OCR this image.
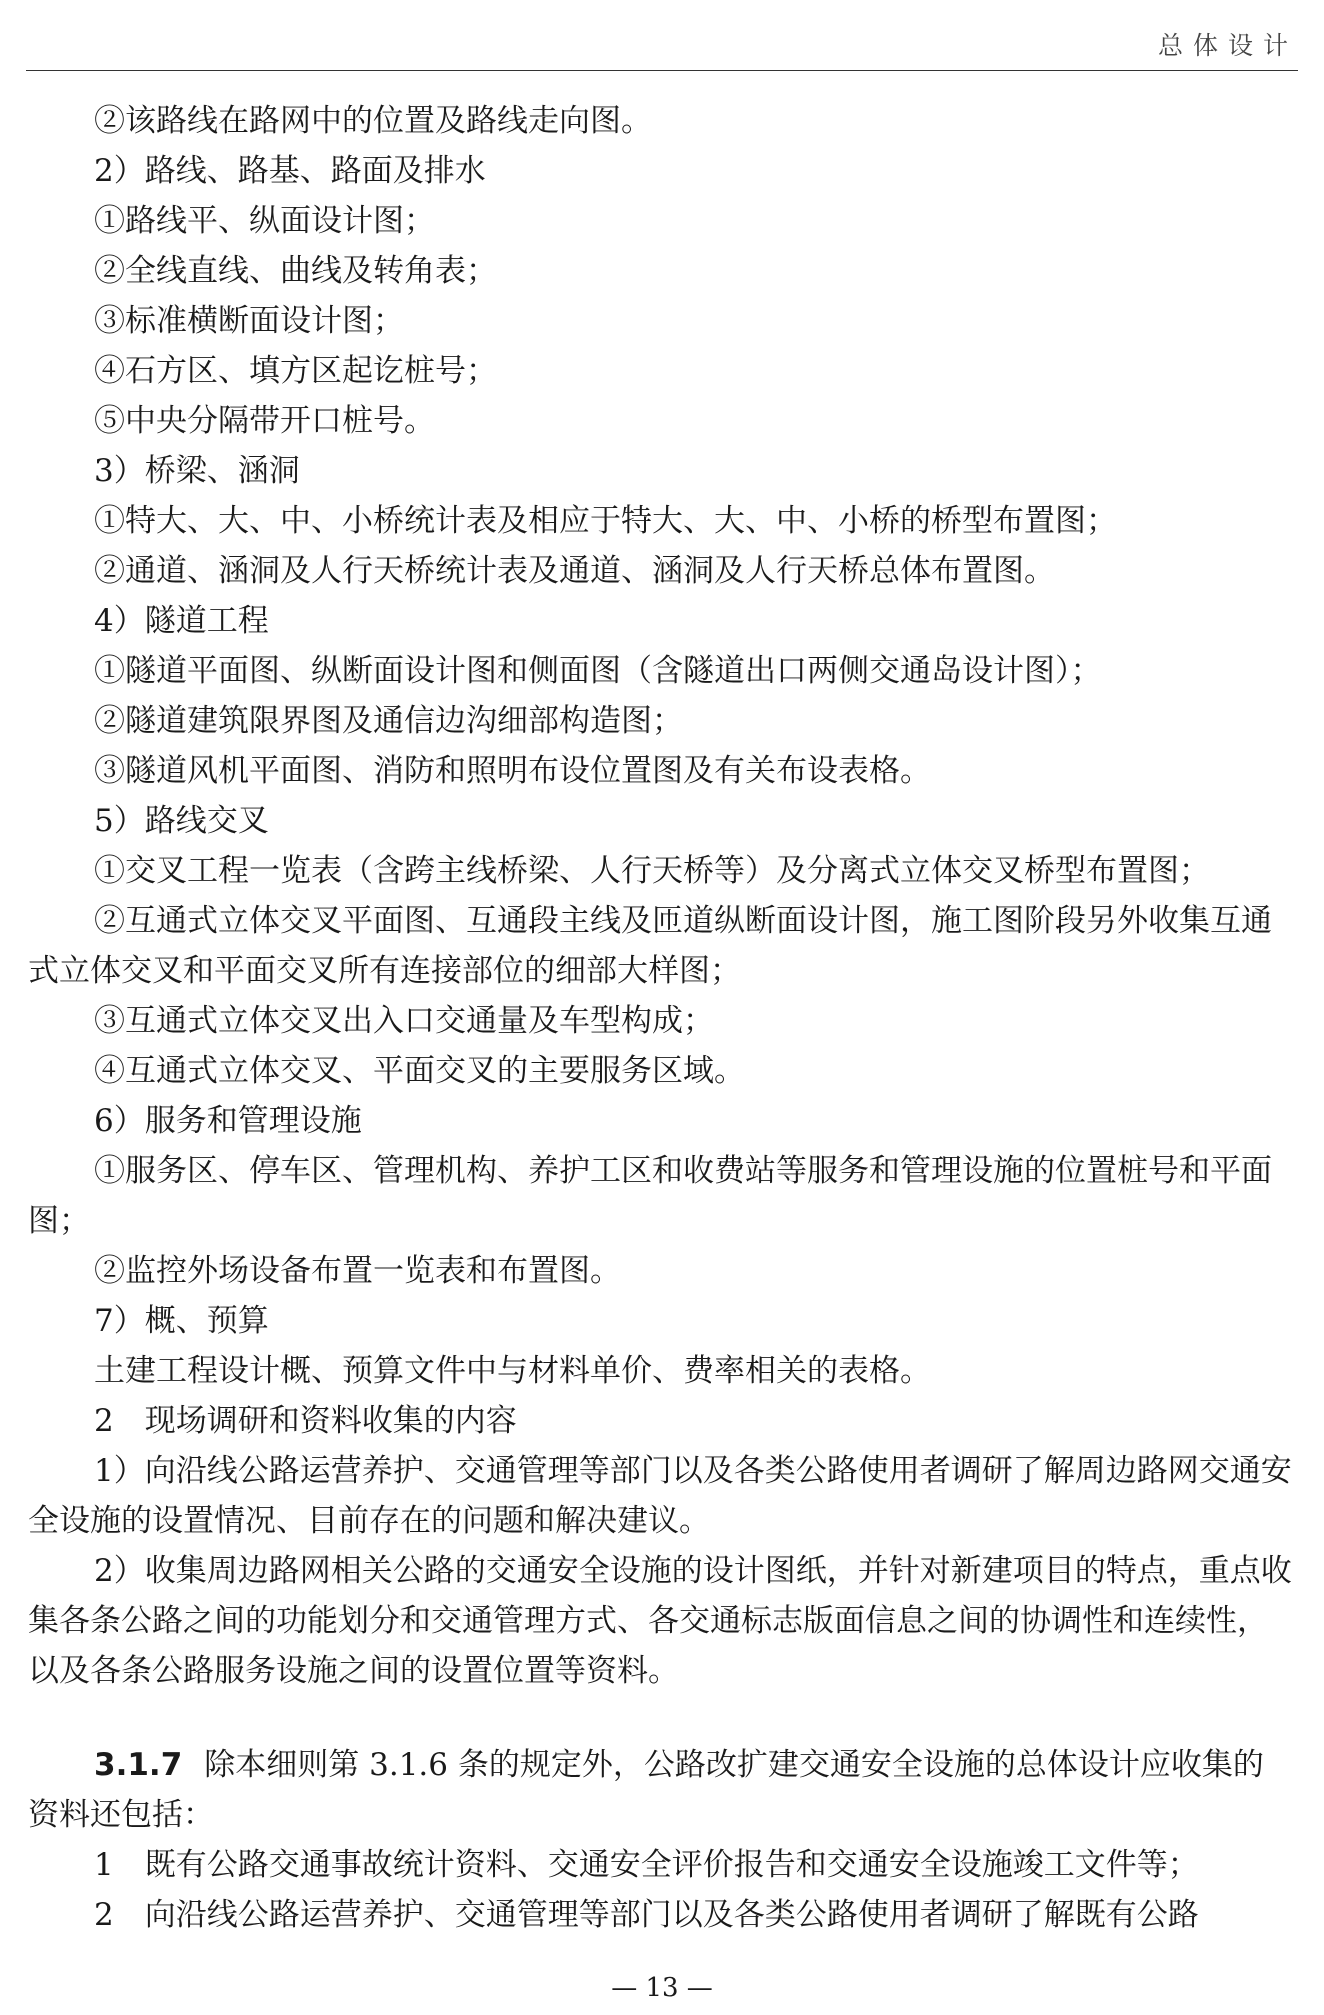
总体设计

②该路线在路网中的位置及路线走向图。

2）路线、路基、路面及排水

①路线平、纵面设计图；

②全线直线、曲线及转角表；

③标准横断面设计图；

④石方区、填方区起讫桩号；

⑤中央分隔带开口桩号。

3）桥梁、涵洞

①特大、大、中、小桥统计表及相应于特大、大、中、小桥的桥型布置图；

②通道、涵洞及人行天桥统计表及通道、涵洞及人行天桥总体布置图。

4）隧道工程

①隧道平面图、纵断面设计图和侧面图（含隧道出口两侧交通岛设计图）；

②隧道建筑限界图及通信边沟细部构造图；

③隧道风机平面图、消防和照明布设位置图及有关布设表格。

5）路线交叉

①交叉工程一览表（含跨主线桥梁、人行天桥等）及分离式立体交叉桥型布置图；

②互通式立体交叉平面图、互通段主线及匝道纵断面设计图，施工图阶段另外收集互通式立体交叉和平面交叉所有连接部位的细部大样图；

③互通式立体交叉出入口交通量及车型构成；

④互通式立体交叉、平面交叉的主要服务区域。

6）服务和管理设施

①服务区、停车区、管理机构、养护工区和收费站等服务和管理设施的位置桩号和平面图；

②监控外场设备布置一览表和布置图。

7）概、预算

土建工程设计概、预算文件中与材料单价、费率相关的表格。

2　现场调研和资料收集的内容

1）向沿线公路运营养护、交通管理等部门以及各类公路使用者调研了解周边路网交通安全设施的设置情况、目前存在的问题和解决建议。

2）收集周边路网相关公路的交通安全设施的设计图纸，并针对新建项目的特点，重点收集各条公路之间的功能划分和交通管理方式、各交通标志版面信息之间的协调性和连续性，以及各条公路服务设施之间的设置位置等资料。

3.1.7 除本细则第 3.1.6 条的规定外，公路改扩建交通安全设施的总体设计应收集的资料还包括：

1　既有公路交通事故统计资料、交通安全评价报告和交通安全设施竣工文件等；

2　向沿线公路运营养护、交通管理等部门以及各类公路使用者调研了解既有公路

— 13 —
